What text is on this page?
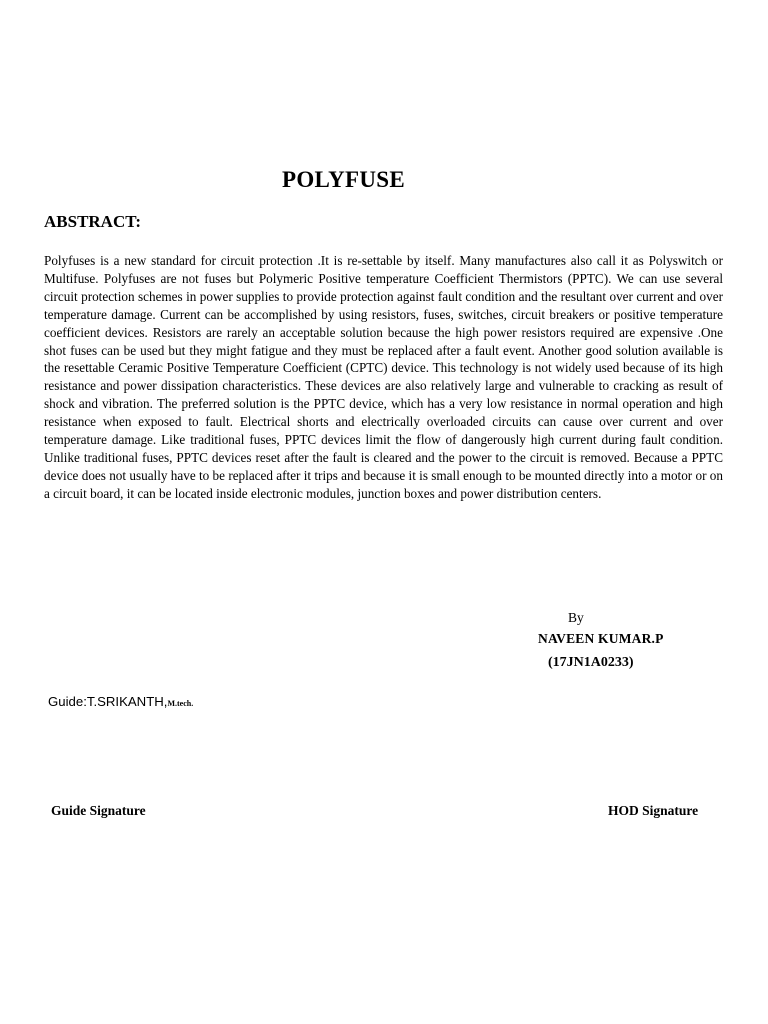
POLYFUSE
ABSTRACT:

Polyfuses is a new standard for circuit protection .It is re-settable by itself. Many manufactures also call it as Polyswitch or Multifuse. Polyfuses are not fuses but Polymeric Positive temperature Coefficient Thermistors (PPTC). We can use several circuit protection schemes in power supplies to provide protection against fault condition and the resultant over current and over temperature damage. Current can be accomplished by using resistors, fuses, switches, circuit breakers or positive temperature coefficient devices. Resistors are rarely an acceptable solution because the high power resistors required are expensive .One shot fuses can be used but they might fatigue and they must be replaced after a fault event. Another good solution available is the resettable Ceramic Positive Temperature Coefficient (CPTC) device. This technology is not widely used because of its high resistance and power dissipation characteristics. These devices are also relatively large and vulnerable to cracking as result of shock and vibration. The preferred solution is the PPTC device, which has a very low resistance in normal operation and high resistance when exposed to fault. Electrical shorts and electrically overloaded circuits can cause over current and over temperature damage. Like traditional fuses, PPTC devices limit the flow of dangerously high current during fault condition. Unlike traditional fuses, PPTC devices reset after the fault is cleared and the power to the circuit is removed. Because a PPTC device does not usually have to be replaced after it trips and because it is small enough to be mounted directly into a motor or on a circuit board, it can be located inside electronic modules, junction boxes and power distribution centers.

By
NAVEEN KUMAR.P
(17JN1A0233)
Guide:T.SRIKANTH,M.tech.
Guide Signature	HOD Signature
